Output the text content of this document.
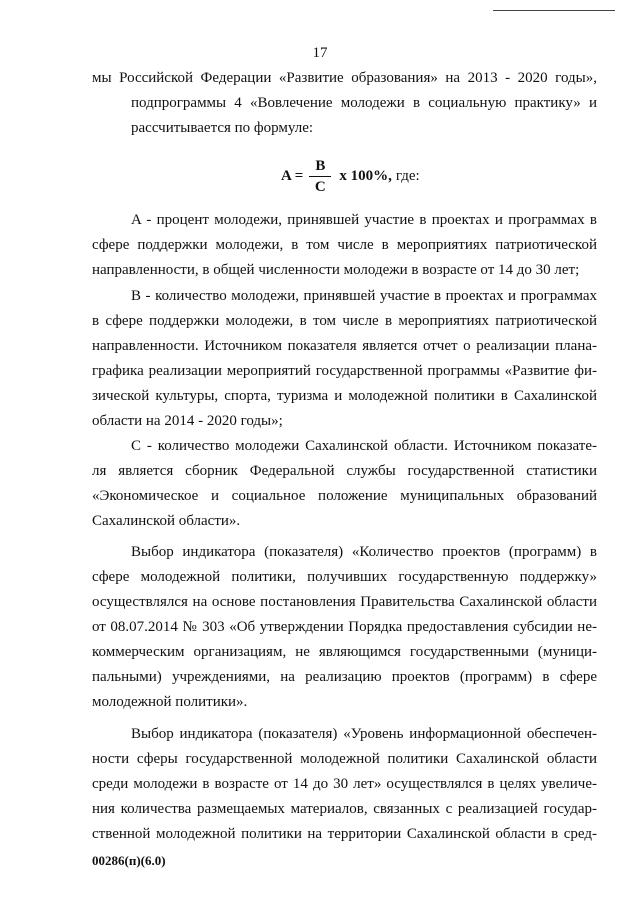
17
мы Российской Федерации «Развитие образования» на 2013 - 2020 годы»,
подпрограммы 4 «Вовлечение молодежи в социальную практику» и
рассчитывается по формуле:
$A = \frac{B}{C}$ x 100%, где:
A - процент молодежи, принявшей участие в проектах и программах в
сфере поддержки молодежи, в том числе в мероприятиях патриотической
направленности, в общей численности молодежи в возрасте от 14 до 30 лет;
B - количество молодежи, принявшей участие в проектах и программах
в сфере поддержки молодежи, в том числе в мероприятиях патриотической
направленности. Источником показателя является отчет о реализации плана-
графика реализации мероприятий государственной программы «Развитие фи-
зической культуры, спорта, туризма и молодежной политики в Сахалинской
области на 2014 - 2020 годы»;
C - количество молодежи Сахалинской области. Источником показате-
ля является сборник Федеральной службы государственной статистики
«Экономическое и социальное положение муниципальных образований
Сахалинской области».
Выбор индикатора (показателя) «Количество проектов (программ) в
сфере молодежной политики, получивших государственную поддержку»
осуществлялся на основе постановления Правительства Сахалинской области
от 08.07.2014 № 303 «Об утверждении Порядка предоставления субсидии не-
коммерческим организациям, не являющимся государственными (муници-
пальными) учреждениями, на реализацию проектов (программ) в сфере
молодежной политики».
Выбор индикатора (показателя) «Уровень информационной обеспечен-
ности сферы государственной молодежной политики Сахалинской области
среди молодежи в возрасте от 14 до 30 лет» осуществлялся в целях увеличе-
ния количества размещаемых материалов, связанных с реализацией государ-
ственной молодежной политики на территории Сахалинской области в сред-
00286(п)(6.0)
